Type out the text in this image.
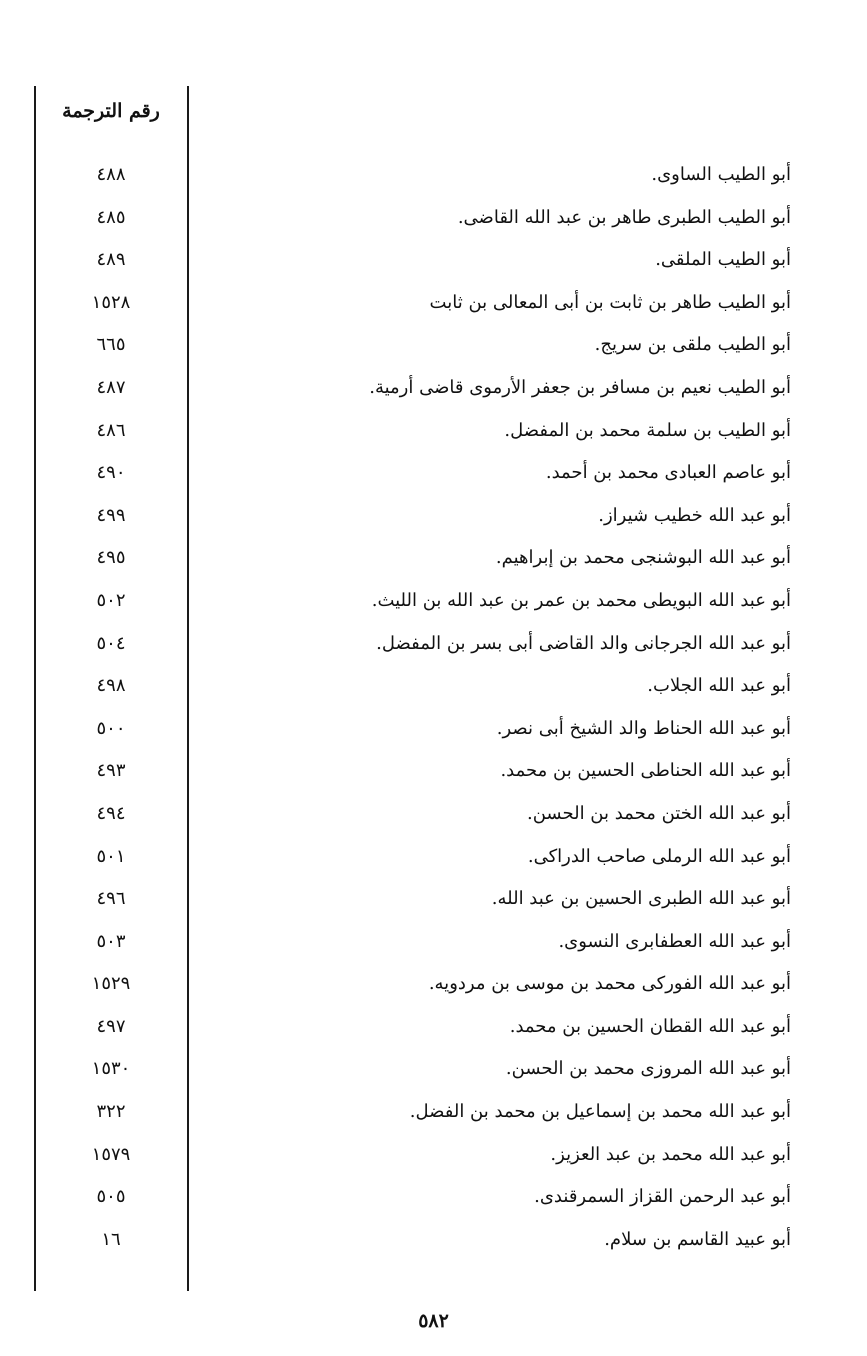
رقم الترجمة
٤٨٨	أبو الطيب الساوى.
٤٨٥	أبو الطيب الطبرى طاهر بن عبد الله القاضى.
٤٨٩	أبو الطيب الملقى.
١٥٢٨	أبو الطيب طاهر بن ثابت بن أبى المعالى بن ثابت
٦٦٥	أبو الطيب ملقى بن سريج.
٤٨٧	أبو الطيب نعيم بن مسافر بن جعفر الأرموى قاضى أرمية.
٤٨٦	أبو الطيب بن سلمة محمد بن المفضل.
٤٩٠	أبو عاصم العبادى محمد بن أحمد.
٤٩٩	أبو عبد الله خطيب شيراز.
٤٩٥	أبو عبد الله البوشنجى محمد بن إبراهيم.
٥٠٢	أبو عبد الله البويطى محمد بن عمر بن عبد الله بن الليث.
٥٠٤	أبو عبد الله الجرجانى والد القاضى أبى بسر بن المفضل.
٤٩٨	أبو عبد الله الجلاب.
٥٠٠	أبو عبد الله الحناط والد الشيخ أبى نصر.
٤٩٣	أبو عبد الله الحناطى الحسين بن محمد.
٤٩٤	أبو عبد الله الختن محمد بن الحسن.
٥٠١	أبو عبد الله الرملى صاحب الدراكى.
٤٩٦	أبو عبد الله الطبرى الحسين بن عبد الله.
٥٠٣	أبو عبد الله العطفابرى النسوى.
١٥٢٩	أبو عبد الله الفوركى محمد بن موسى بن مردويه.
٤٩٧	أبو عبد الله القطان الحسين بن محمد.
١٥٣٠	أبو عبد الله المروزى محمد بن الحسن.
٣٢٢	أبو عبد الله محمد بن إسماعيل بن محمد بن الفضل.
١٥٧٩	أبو عبد الله محمد بن عبد العزيز.
٥٠٥	أبو عبد الرحمن القزاز السمرقندى.
١٦	أبو عبيد القاسم بن سلام.
٥٨٢
